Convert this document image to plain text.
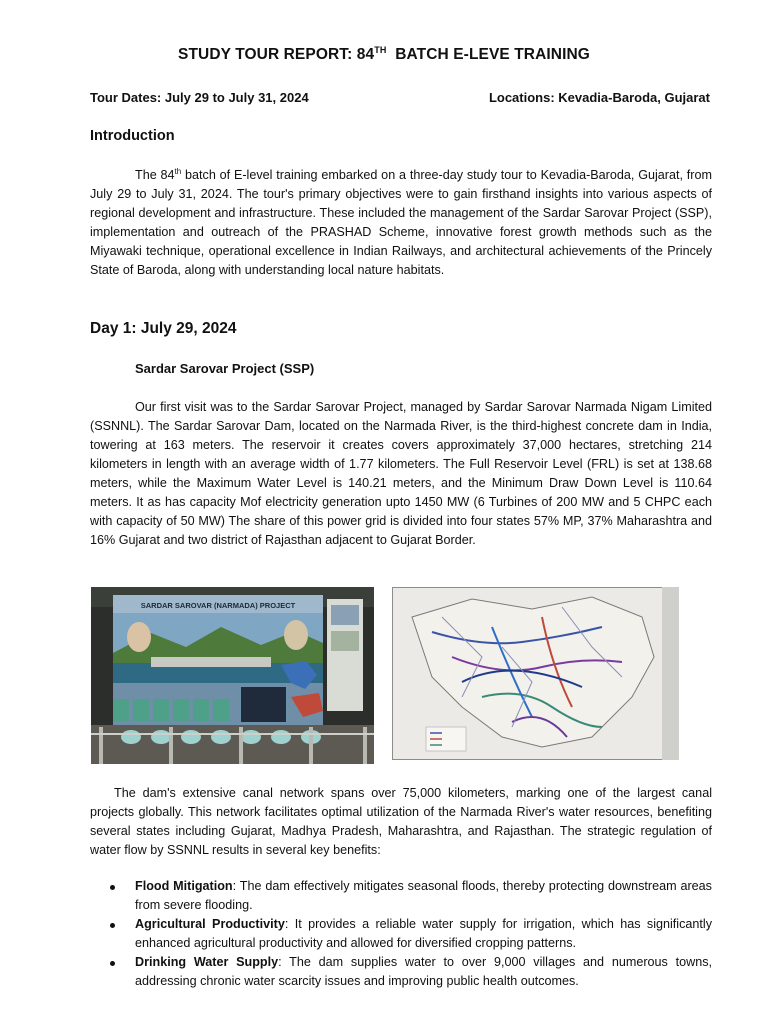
STUDY TOUR REPORT: 84TH  BATCH E-LEVE TRAINING
Tour Dates: July 29 to July 31, 2024	Locations: Kevadia-Baroda, Gujarat
Introduction
The 84th batch of E-level training embarked on a three-day study tour to Kevadia-Baroda, Gujarat, from July 29 to July 31, 2024. The tour's primary objectives were to gain firsthand insights into various aspects of regional development and infrastructure. These included the management of the Sardar Sarovar Project (SSP), implementation and outreach of the PRASHAD Scheme, innovative forest growth methods such as the Miyawaki technique, operational excellence in Indian Railways, and architectural achievements of the Princely State of Baroda, along with understanding local nature habitats.
Day 1: July 29, 2024
Sardar Sarovar Project (SSP)
Our first visit was to the Sardar Sarovar Project, managed by Sardar Sarovar Narmada Nigam Limited (SSNNL). The Sardar Sarovar Dam, located on the Narmada River, is the third-highest concrete dam in India, towering at 163 meters. The reservoir it creates covers approximately 37,000 hectares, stretching 214 kilometers in length with an average width of 1.77 kilometers. The Full Reservoir Level (FRL) is set at 138.68 meters, while the Maximum Water Level is 140.21 meters, and the Minimum Draw Down Level is 110.64 meters. It as has capacity Mof electricity generation upto 1450 MW (6 Turbines of 200 MW and 5 CHPC each with capacity of 50 MW) The share of this power grid is divided into four states 57% MP, 37% Maharashtra and 16% Gujarat and two district of Rajasthan adjacent to Gujarat Border.
SARDAR SAROVAR (NARMADA) PROJECT
The dam's extensive canal network spans over 75,000 kilometers, marking one of the largest canal projects globally. This network facilitates optimal utilization of the Narmada River's water resources, benefiting several states including Gujarat, Madhya Pradesh, Maharashtra, and Rajasthan. The strategic regulation of water flow by SSNNL results in several key benefits:
Flood Mitigation: The dam effectively mitigates seasonal floods, thereby protecting downstream areas from severe flooding.
Agricultural Productivity: It provides a reliable water supply for irrigation, which has significantly enhanced agricultural productivity and allowed for diversified cropping patterns.
Drinking Water Supply: The dam supplies water to over 9,000 villages and numerous towns, addressing chronic water scarcity issues and improving public health outcomes.
